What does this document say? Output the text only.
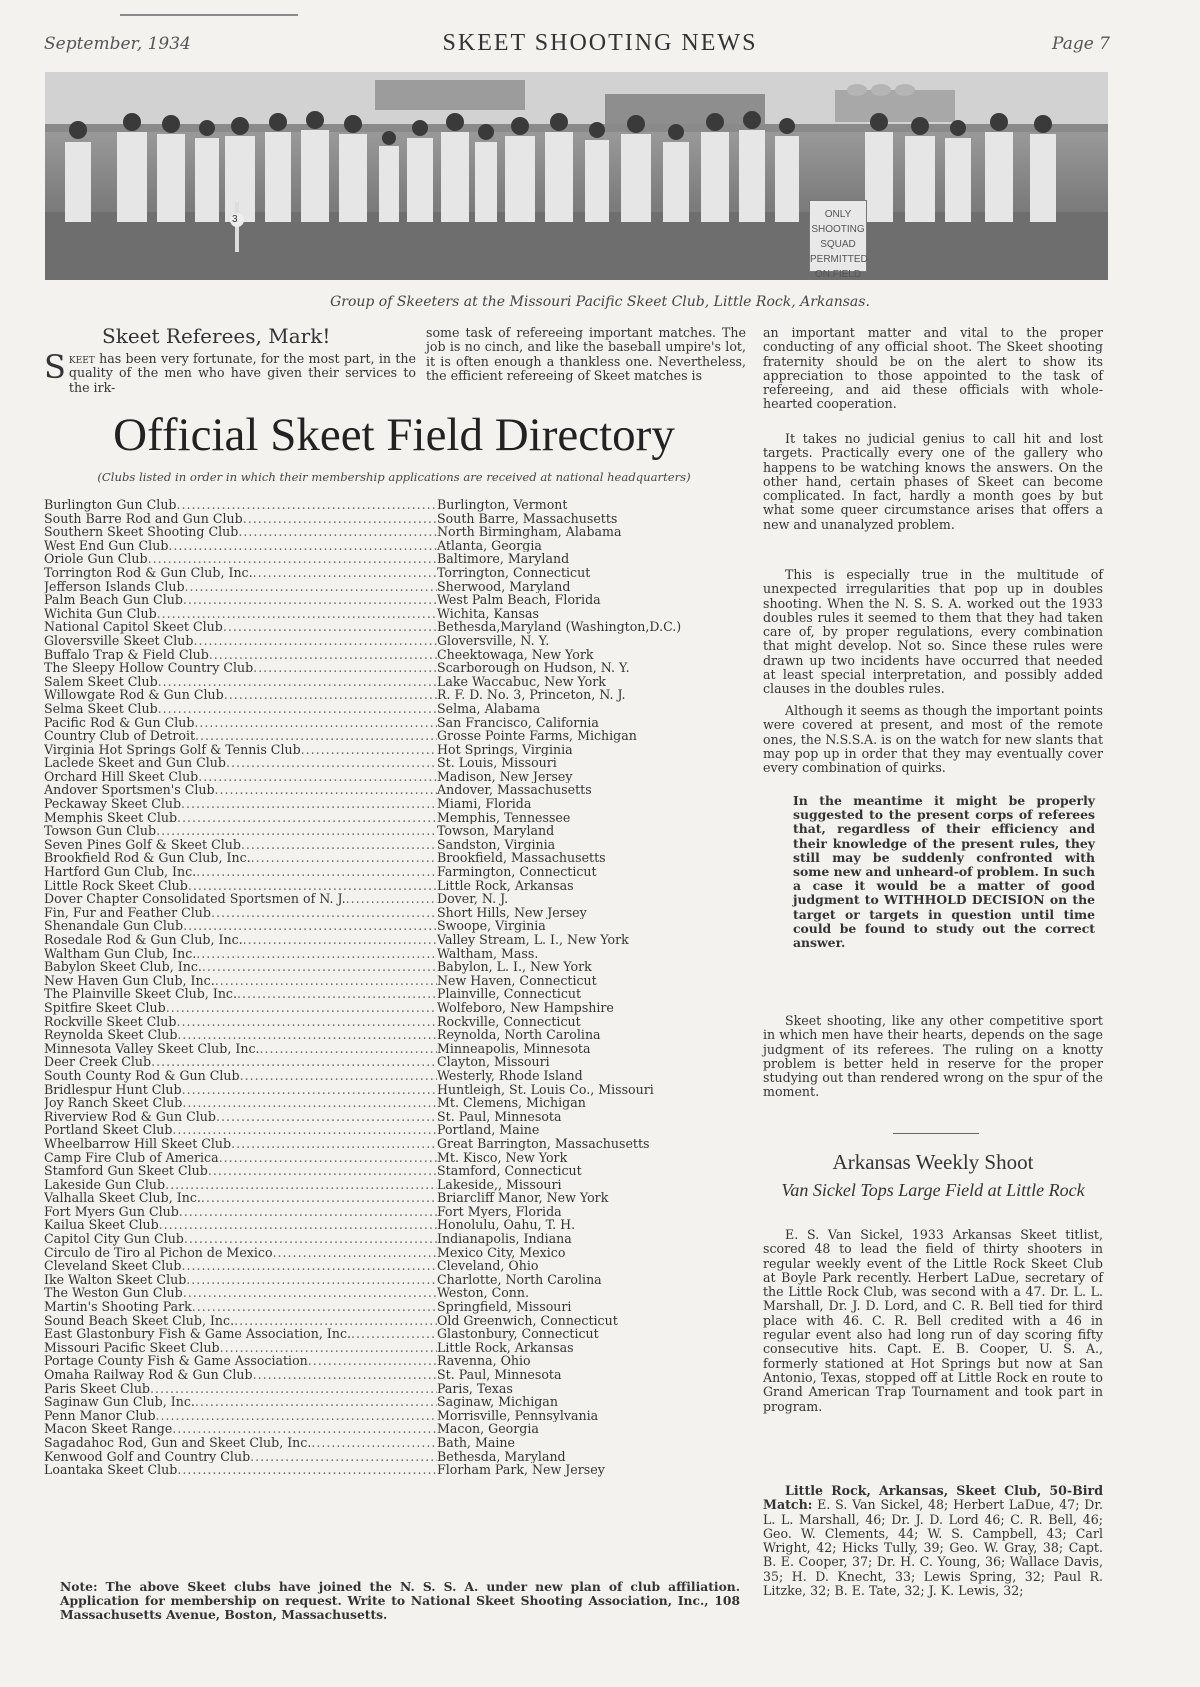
September, 1934	SKEET SHOOTING NEWS	Page 7
ONLY SHOOTING
SQUAD PERMITTED
ON FIELD
3
Group of Skeeters at the Missouri Pacific Skeet Club, Little Rock, Arkansas.
Skeet Referees, Mark!
Skeet has been very fortunate, for the most part, in the quality of the men who have given their services to the irk-
some task of refereeing important matches. The job is no cinch, and like the baseball umpire's lot, it is often enough a thankless one. Nevertheless, the efficient refereeing of Skeet matches is
Official Skeet Field Directory
(Clubs listed in order in which their membership applications are received at national headquarters)
Burlington Gun Club .....	Burlington, Vermont
South Barre Rod and Gun Club .....	South Barre, Massachusetts
Southern Skeet Shooting Club .....	North Birmingham, Alabama
West End Gun Club .....	Atlanta, Georgia
Oriole Gun Club .....	Baltimore, Maryland
Torrington Rod & Gun Club, Inc. .....	Torrington, Connecticut
Jefferson Islands Club .....	Sherwood, Maryland
Palm Beach Gun Club .....	West Palm Beach, Florida
Wichita Gun Club .....	Wichita, Kansas
National Capitol Skeet Club .....	Bethesda,Maryland (Washington,D.C.)
Gloversville Skeet Club .....	Gloversville, N. Y.
Buffalo Trap & Field Club .....	Cheektowaga, New York
The Sleepy Hollow Country Club .....	Scarborough on Hudson, N. Y.
Salem Skeet Club .....	Lake Waccabuc, New York
Willowgate Rod & Gun Club .....	R. F. D. No. 3, Princeton, N. J.
Selma Skeet Club .....	Selma, Alabama
Pacific Rod & Gun Club .....	San Francisco, California
Country Club of Detroit .....	Grosse Pointe Farms, Michigan
Virginia Hot Springs Golf & Tennis Club .....	Hot Springs, Virginia
Laclede Skeet and Gun Club .....	St. Louis, Missouri
Orchard Hill Skeet Club .....	Madison, New Jersey
Andover Sportsmen's Club .....	Andover, Massachusetts
Peckaway Skeet Club .....	Miami, Florida
Memphis Skeet Club .....	Memphis, Tennessee
Towson Gun Club .....	Towson, Maryland
Seven Pines Golf & Skeet Club .....	Sandston, Virginia
Brookfield Rod & Gun Club, Inc. .....	Brookfield, Massachusetts
Hartford Gun Club, Inc. .....	Farmington, Connecticut
Little Rock Skeet Club .....	Little Rock, Arkansas
Dover Chapter Consolidated Sportsmen of N. J. .....	Dover, N. J.
Fin, Fur and Feather Club .....	Short Hills, New Jersey
Shenandale Gun Club .....	Swoope, Virginia
Rosedale Rod & Gun Club, Inc. .....	Valley Stream, L. I., New York
Waltham Gun Club, Inc. .....	Waltham, Mass.
Babylon Skeet Club, Inc. .....	Babylon, L. I., New York
New Haven Gun Club, Inc. .....	New Haven, Connecticut
The Plainville Skeet Club, Inc. .....	Plainville, Connecticut
Spitfire Skeet Club .....	Wolfeboro, New Hampshire
Rockville Skeet Club .....	Rockville, Connecticut
Reynolda Skeet Club .....	Reynolda, North Carolina
Minnesota Valley Skeet Club, Inc. .....	Minneapolis, Minnesota
Deer Creek Club .....	Clayton, Missouri
South County Rod & Gun Club .....	Westerly, Rhode Island
Bridlespur Hunt Club .....	Huntleigh, St. Louis Co., Missouri
Joy Ranch Skeet Club .....	Mt. Clemens, Michigan
Riverview Rod & Gun Club .....	St. Paul, Minnesota
Portland Skeet Club .....	Portland, Maine
Wheelbarrow Hill Skeet Club .....	Great Barrington, Massachusetts
Camp Fire Club of America .....	Mt. Kisco, New York
Stamford Gun Skeet Club .....	Stamford, Connecticut
Lakeside Gun Club .....	Lakeside,, Missouri
Valhalla Skeet Club, Inc. .....	Briarcliff Manor, New York
Fort Myers Gun Club .....	Fort Myers, Florida
Kailua Skeet Club .....	Honolulu, Oahu, T. H.
Capitol City Gun Club .....	Indianapolis, Indiana
Circulo de Tiro al Pichon de Mexico .....	Mexico City, Mexico
Cleveland Skeet Club .....	Cleveland, Ohio
Ike Walton Skeet Club .....	Charlotte, North Carolina
The Weston Gun Club .....	Weston, Conn.
Martin's Shooting Park .....	Springfield, Missouri
Sound Beach Skeet Club, Inc. .....	Old Greenwich, Connecticut
East Glastonbury Fish & Game Association, Inc. .....	Glastonbury, Connecticut
Missouri Pacific Skeet Club .....	Little Rock, Arkansas
Portage County Fish & Game Association .....	Ravenna, Ohio
Omaha Railway Rod & Gun Club .....	St. Paul, Minnesota
Paris Skeet Club .....	Paris, Texas
Saginaw Gun Club, Inc. .....	Saginaw, Michigan
Penn Manor Club .....	Morrisville, Pennsylvania
Macon Skeet Range .....	Macon, Georgia
Sagadahoc Rod, Gun and Skeet Club, Inc. .....	Bath, Maine
Kenwood Golf and Country Club .....	Bethesda, Maryland
Loantaka Skeet Club .....	Florham Park, New Jersey
Note: The above Skeet clubs have joined the N. S. S. A. under new plan of club affiliation. Application for membership on request. Write to National Skeet Shooting Association, Inc., 108 Massachusetts Avenue, Boston, Massachusetts.
an important matter and vital to the proper conducting of any official shoot. The Skeet shooting fraternity should be on the alert to show its appreciation to those appointed to the task of refereeing, and aid these officials with whole-hearted cooperation.
It takes no judicial genius to call hit and lost targets. Practically every one of the gallery who happens to be watching knows the answers. On the other hand, certain phases of Skeet can become complicated. In fact, hardly a month goes by but what some queer circumstance arises that offers a new and unanalyzed problem.
This is especially true in the multitude of unexpected irregularities that pop up in doubles shooting. When the N. S. S. A. worked out the 1933 doubles rules it seemed to them that they had taken care of, by proper regulations, every combination that might develop. Not so. Since these rules were drawn up two incidents have occurred that needed at least special interpretation, and possibly added clauses in the doubles rules.
Although it seems as though the important points were covered at present, and most of the remote ones, the N.S.S.A. is on the watch for new slants that may pop up in order that they may eventually cover every combination of quirks.
In the meantime it might be properly suggested to the present corps of referees that, regardless of their efficiency and their knowledge of the present rules, they still may be suddenly confronted with some new and unheard-of problem. In such a case it would be a matter of good judgment to WITHHOLD DECISION on the target or targets in question until time could be found to study out the correct answer.
Skeet shooting, like any other competitive sport in which men have their hearts, depends on the sage judgment of its referees. The ruling on a knotty problem is better held in reserve for the proper studying out than rendered wrong on the spur of the moment.
Arkansas Weekly Shoot
Van Sickel Tops Large Field at Little Rock
E. S. Van Sickel, 1933 Arkansas Skeet titlist, scored 48 to lead the field of thirty shooters in regular weekly event of the Little Rock Skeet Club at Boyle Park recently. Herbert LaDue, secretary of the Little Rock Club, was second with a 47. Dr. L. L. Marshall, Dr. J. D. Lord, and C. R. Bell tied for third place with 46. C. R. Bell credited with a 46 in regular event also had long run of day scoring fifty consecutive hits. Capt. E. B. Cooper, U. S. A., formerly stationed at Hot Springs but now at San Antonio, Texas, stopped off at Little Rock en route to Grand American Trap Tournament and took part in program.
Little Rock, Arkansas, Skeet Club, 50-Bird Match: E. S. Van Sickel, 48; Herbert LaDue, 47; Dr. L. L. Marshall, 46; Dr. J. D. Lord 46; C. R. Bell, 46; Geo. W. Clements, 44; W. S. Campbell, 43; Carl Wright, 42; Hicks Tully, 39; Geo. W. Gray, 38; Capt. B. E. Cooper, 37; Dr. H. C. Young, 36; Wallace Davis, 35; H. D. Knecht, 33; Lewis Spring, 32; Paul R. Litzke, 32; B. E. Tate, 32; J. K. Lewis, 32;
